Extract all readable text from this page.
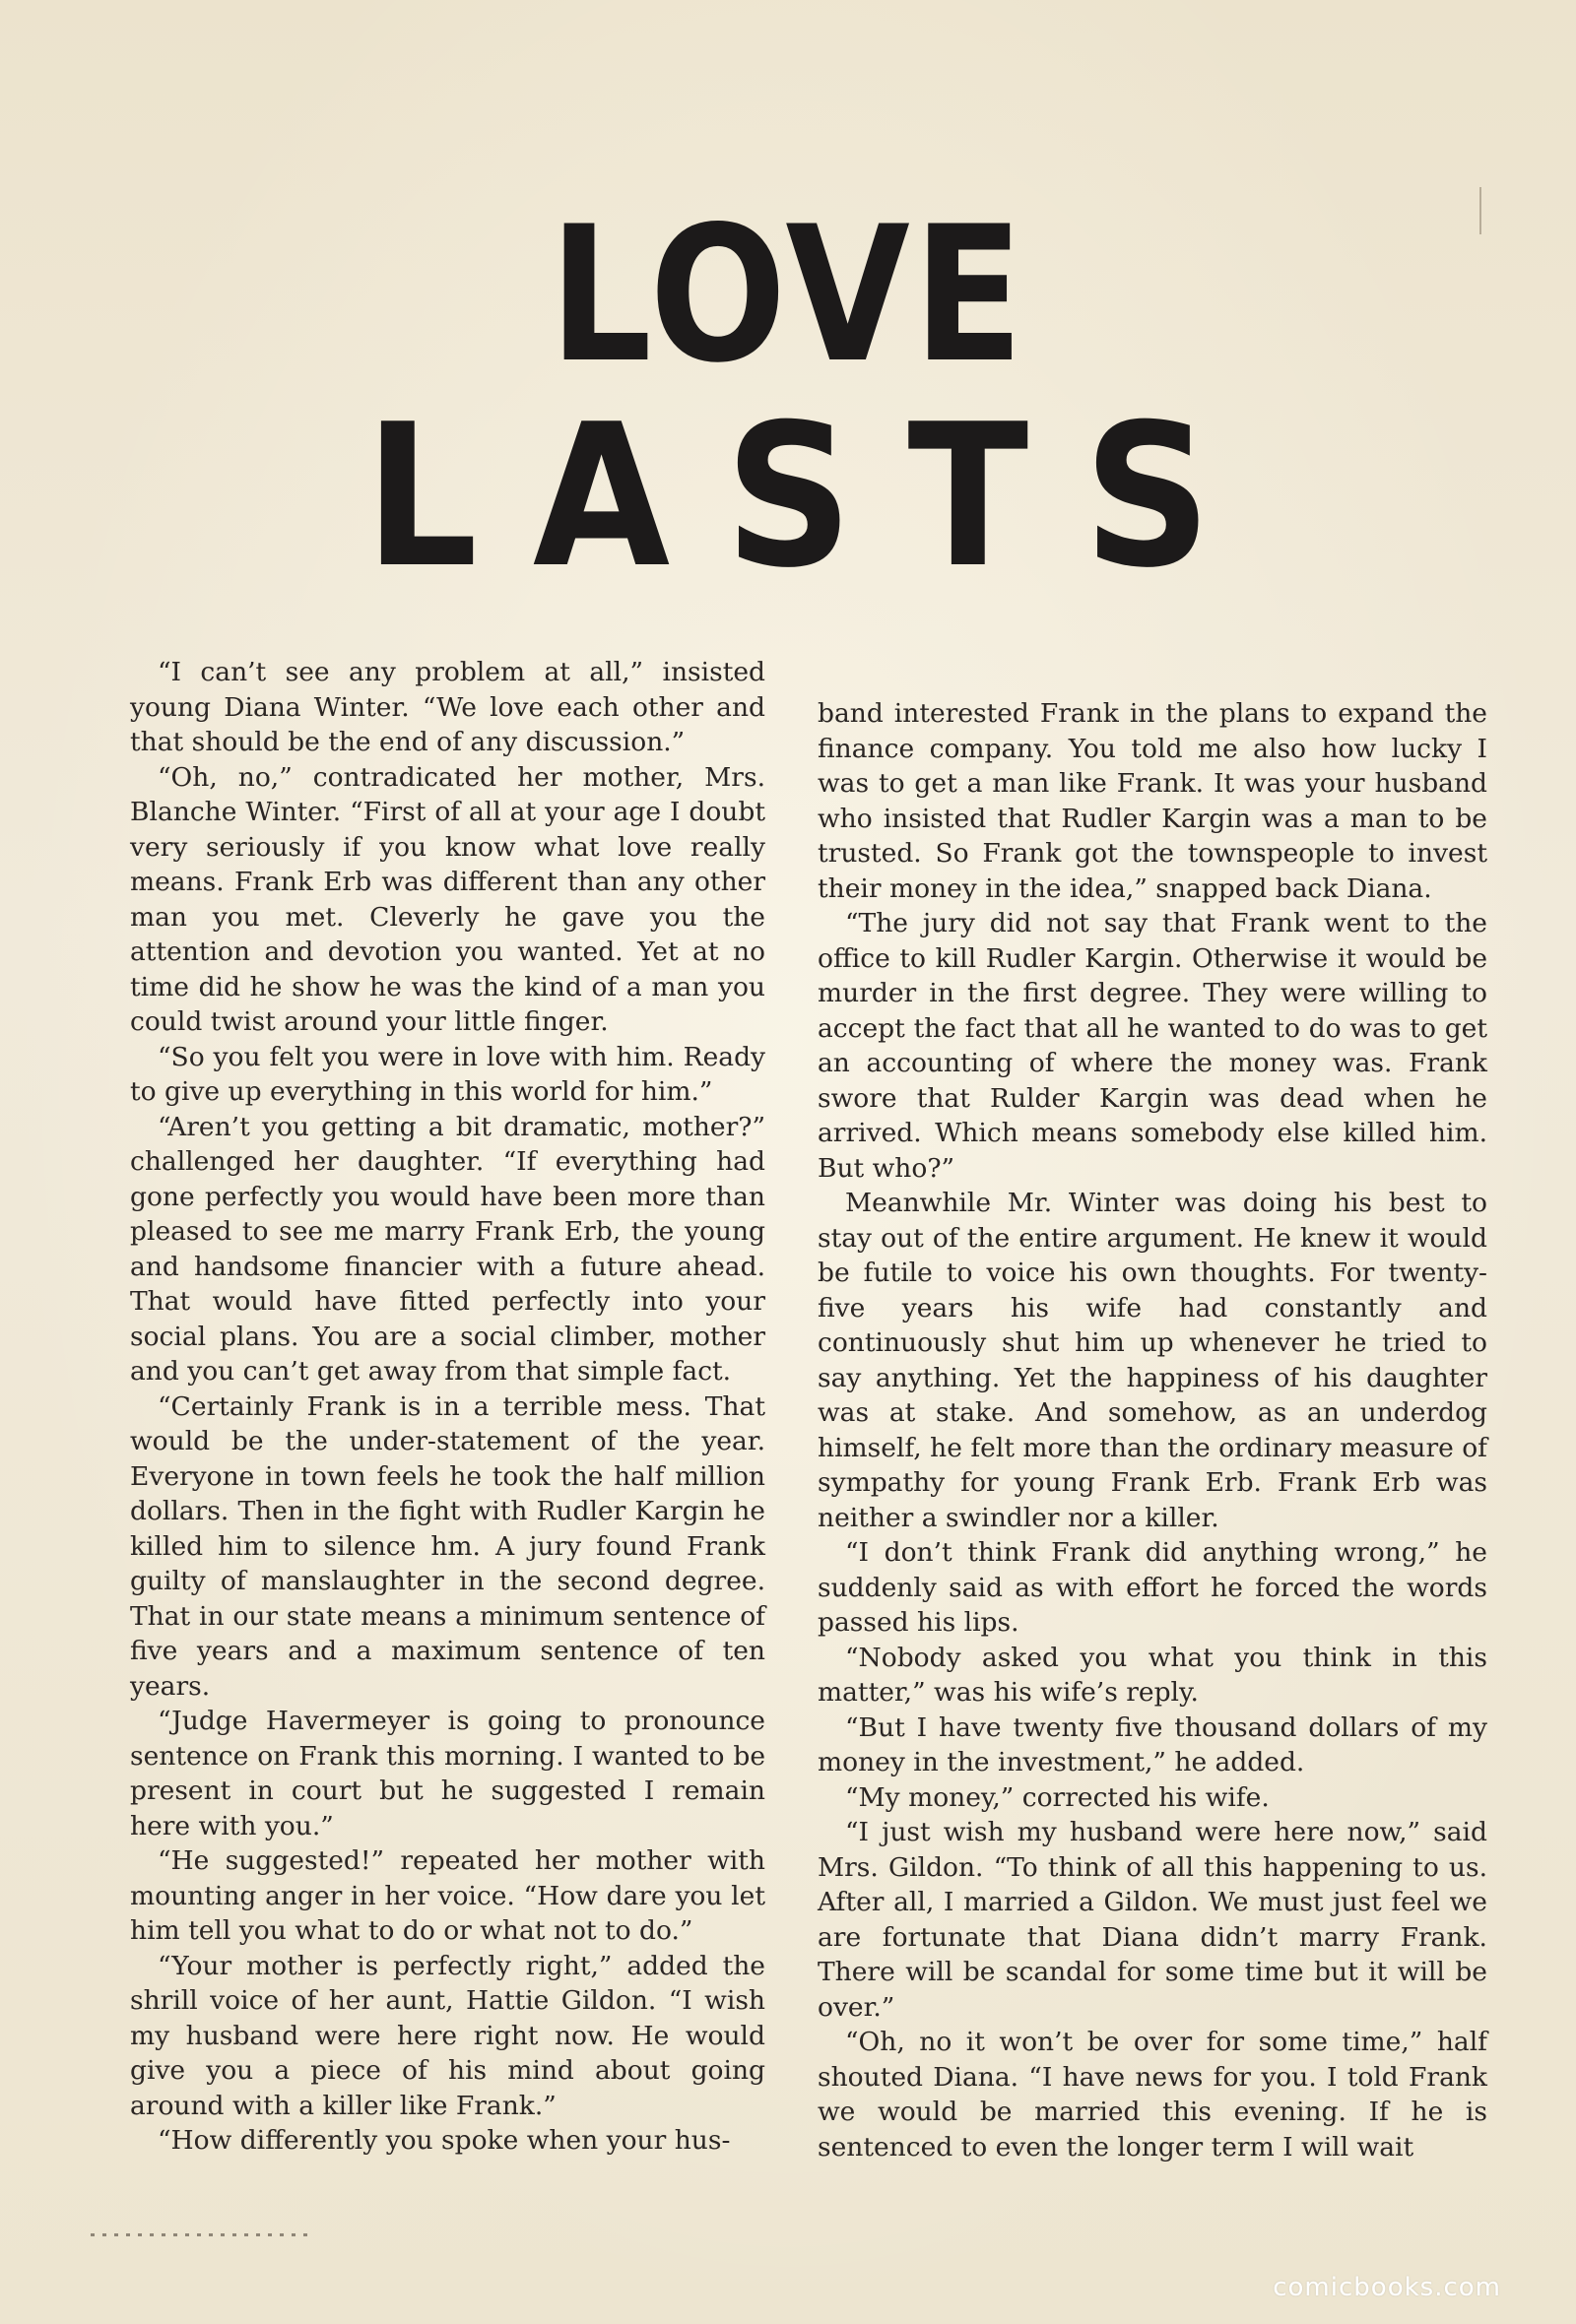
LOVE
LASTS

“I can’t see any problem at all,” insisted young Diana Winter. “We love each other and that should be the end of any discussion.”

“Oh, no,” contradicated her mother, Mrs. Blanche Winter. “First of all at your age I doubt very seriously if you know what love really means. Frank Erb was different than any other man you met. Cleverly he gave you the attention and devotion you wanted. Yet at no time did he show he was the kind of a man you could twist around your little finger.

“So you felt you were in love with him. Ready to give up everything in this world for him.”

“Aren’t you getting a bit dramatic, mother?” challenged her daughter. “If everything had gone perfectly you would have been more than pleased to see me marry Frank Erb, the young and handsome financier with a future ahead. That would have fitted perfectly into your social plans. You are a social climber, mother and you can’t get away from that simple fact.

“Certainly Frank is in a terrible mess. That would be the under-statement of the year. Everyone in town feels he took the half million dollars. Then in the fight with Rudler Kargin he killed him to silence hm. A jury found Frank guilty of manslaughter in the second degree. That in our state means a minimum sentence of five years and a maximum sentence of ten years.

“Judge Havermeyer is going to pronounce sentence on Frank this morning. I wanted to be present in court but he suggested I remain here with you.”

“He suggested!” repeated her mother with mounting anger in her voice. “How dare you let him tell you what to do or what not to do.”

“Your mother is perfectly right,” added the shrill voice of her aunt, Hattie Gildon. “I wish my husband were here right now. He would give you a piece of his mind about going around with a killer like Frank.”

“How differently you spoke when your hus-

band interested Frank in the plans to expand the finance company. You told me also how lucky I was to get a man like Frank. It was your husband who insisted that Rudler Kargin was a man to be trusted. So Frank got the townspeople to invest their money in the idea,” snapped back Diana.

“The jury did not say that Frank went to the office to kill Rudler Kargin. Otherwise it would be murder in the first degree. They were willing to accept the fact that all he wanted to do was to get an accounting of where the money was. Frank swore that Rulder Kargin was dead when he arrived. Which means somebody else killed him. But who?”

Meanwhile Mr. Winter was doing his best to stay out of the entire argument. He knew it would be futile to voice his own thoughts. For twenty-five years his wife had constantly and continuously shut him up whenever he tried to say anything. Yet the happiness of his daughter was at stake. And somehow, as an underdog himself, he felt more than the ordinary measure of sympathy for young Frank Erb. Frank Erb was neither a swindler nor a killer.

“I don’t think Frank did anything wrong,” he suddenly said as with effort he forced the words passed his lips.

“Nobody asked you what you think in this matter,” was his wife’s reply.

“But I have twenty five thousand dollars of my money in the investment,” he added.

“My money,” corrected his wife.

“I just wish my husband were here now,” said Mrs. Gildon. “To think of all this happening to us. After all, I married a Gildon. We must just feel we are fortunate that Diana didn’t marry Frank. There will be scandal for some time but it will be over.”

“Oh, no it won’t be over for some time,” half shouted Diana. “I have news for you. I told Frank we would be married this evening. If he is sentenced to even the longer term I will wait

comicbooks.com
